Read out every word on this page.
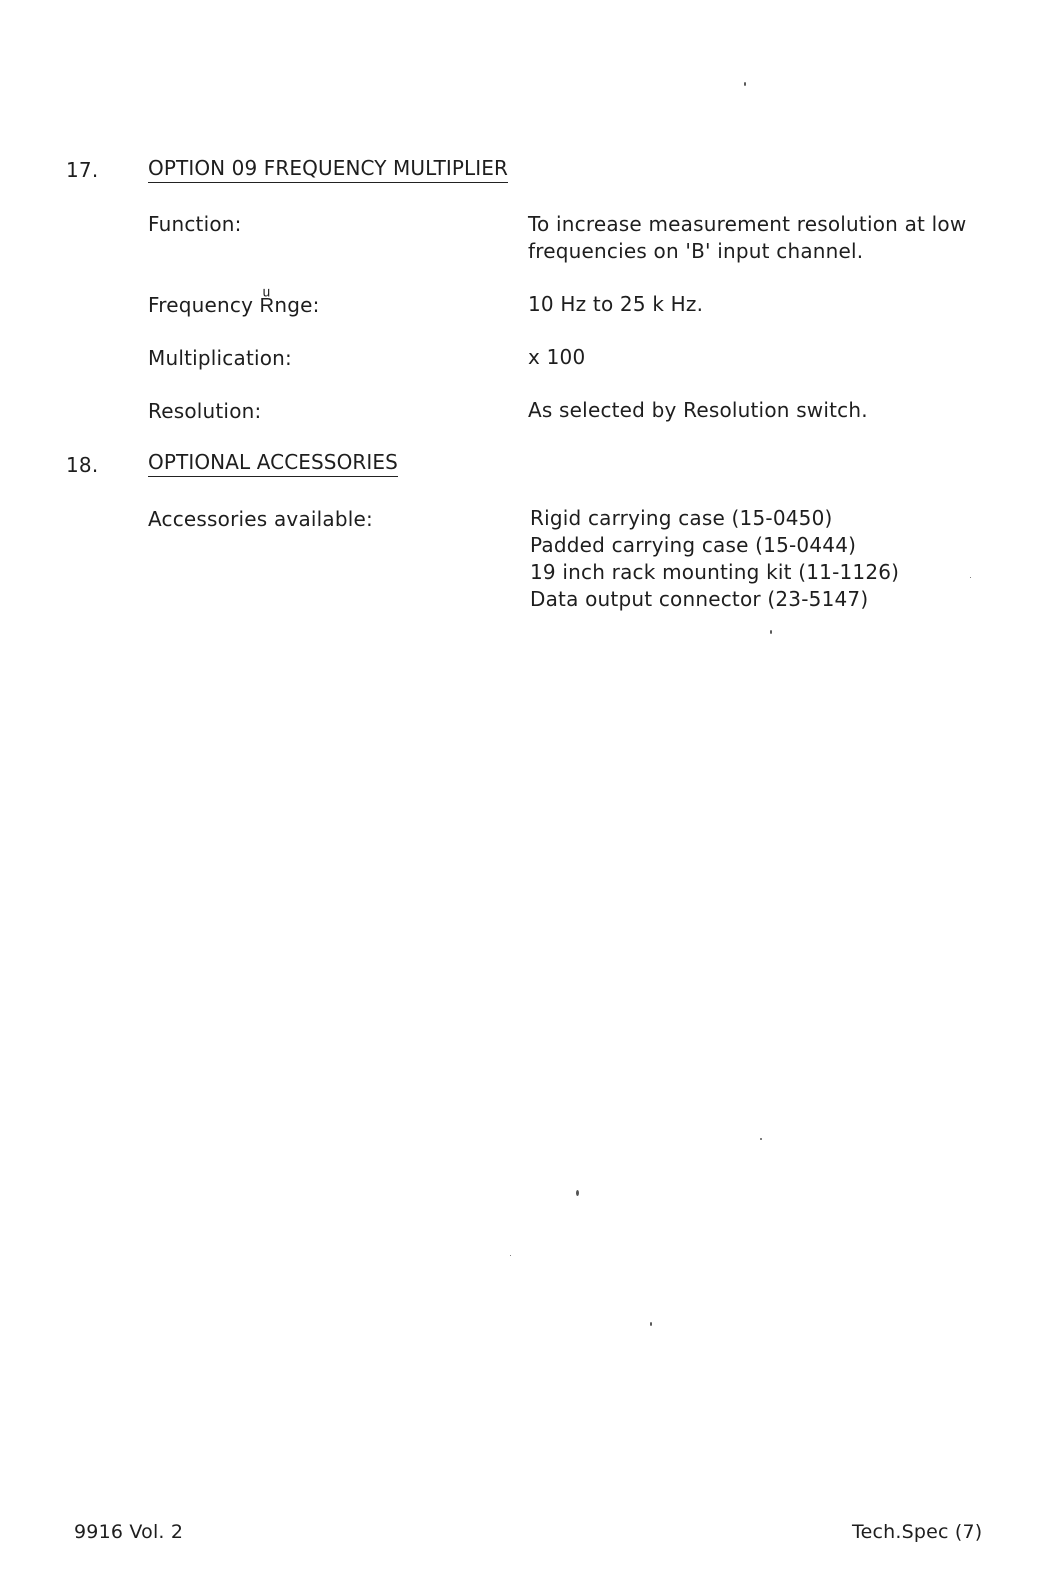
17. OPTION 09 FREQUENCY MULTIPLIER
Function:	To increase measurement resolution at low
frequencies on 'B' input channel.
Frequency Rͧnge:	10 Hz to 25 k Hz.
Multiplication:	x 100
Resolution:	As selected by Resolution switch.
18. OPTIONAL ACCESSORIES
Accessories available:	Rigid carrying case (15-0450)
Padded carrying case (15-0444)
19 inch rack mounting kit (11-1126)
Data output connector (23-5147)
9916 Vol. 2	Tech.Spec (7)
